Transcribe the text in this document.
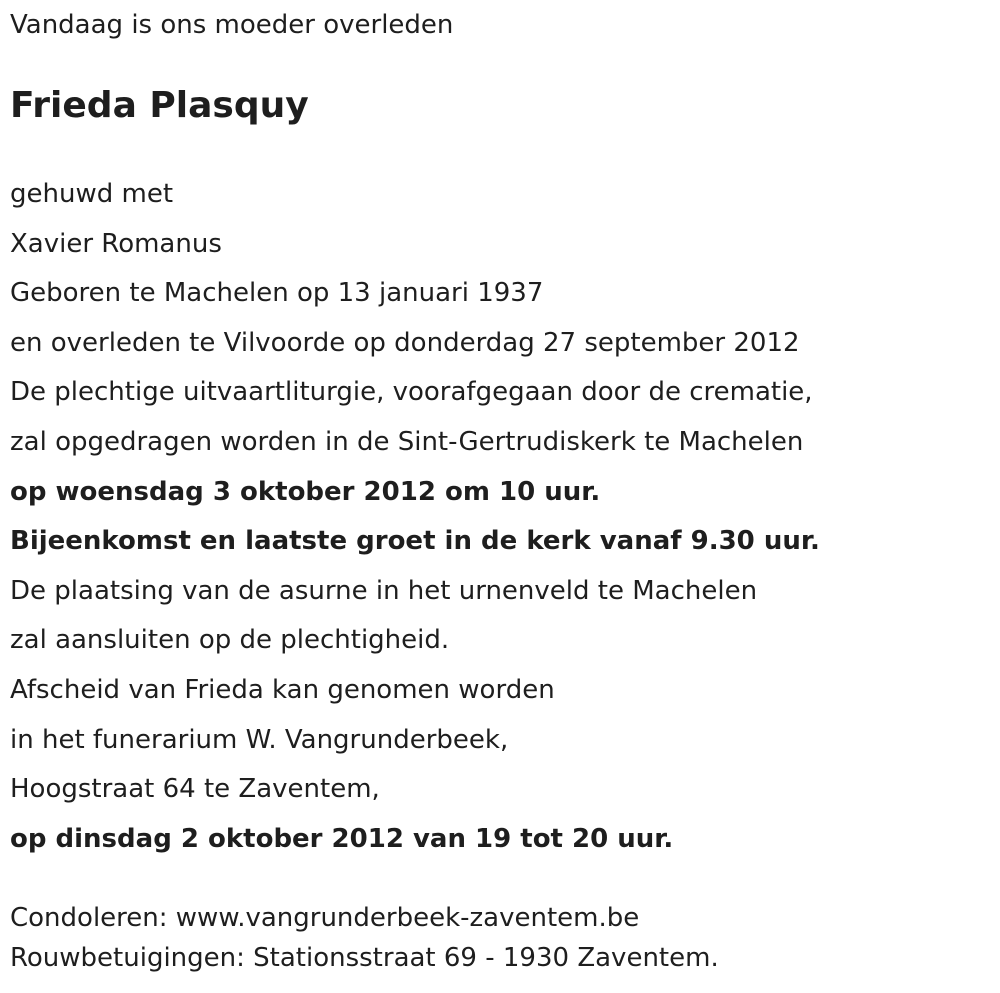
Vandaag is ons moeder overleden
Frieda Plasquy
gehuwd met
Xavier Romanus
Geboren te Machelen op 13 januari 1937
en overleden te Vilvoorde op donderdag 27 september 2012
De plechtige uitvaartliturgie, voorafgegaan door de crematie,
zal opgedragen worden in de Sint-Gertrudiskerk te Machelen
op woensdag 3 oktober 2012 om 10 uur.
Bijeenkomst en laatste groet in de kerk vanaf 9.30 uur.
De plaatsing van de asurne in het urnenveld te Machelen
zal aansluiten op de plechtigheid.
Afscheid van Frieda kan genomen worden
in het funerarium W. Vangrunderbeek,
Hoogstraat 64 te Zaventem,
op dinsdag 2 oktober 2012 van 19 tot 20 uur.
Condoleren: www.vangrunderbeek-zaventem.be
Rouwbetuigingen: Stationsstraat 69 - 1930 Zaventem.
